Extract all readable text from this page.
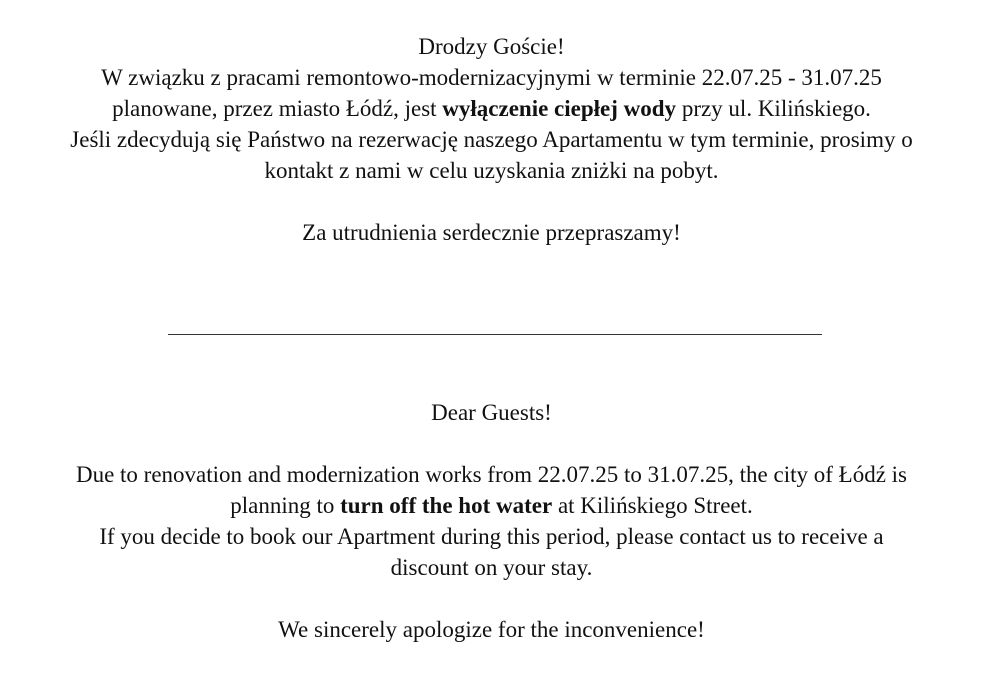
Drodzy Goście!
W związku z pracami remontowo-modernizacyjnymi w terminie 22.07.25 - 31.07.25
planowane, przez miasto Łódź, jest wyłączenie ciepłej wody przy ul. Kilińskiego.
Jeśli zdecydują się Państwo na rezerwację naszego Apartamentu w tym terminie, prosimy o
kontakt z nami w celu uzyskania zniżki na pobyt.
Za utrudnienia serdecznie przepraszamy!
Dear Guests!
Due to renovation and modernization works from 22.07.25 to 31.07.25, the city of Łódź is
planning to turn off the hot water at Kilińskiego Street.
If you decide to book our Apartment during this period, please contact us to receive a
discount on your stay.
We sincerely apologize for the inconvenience!
